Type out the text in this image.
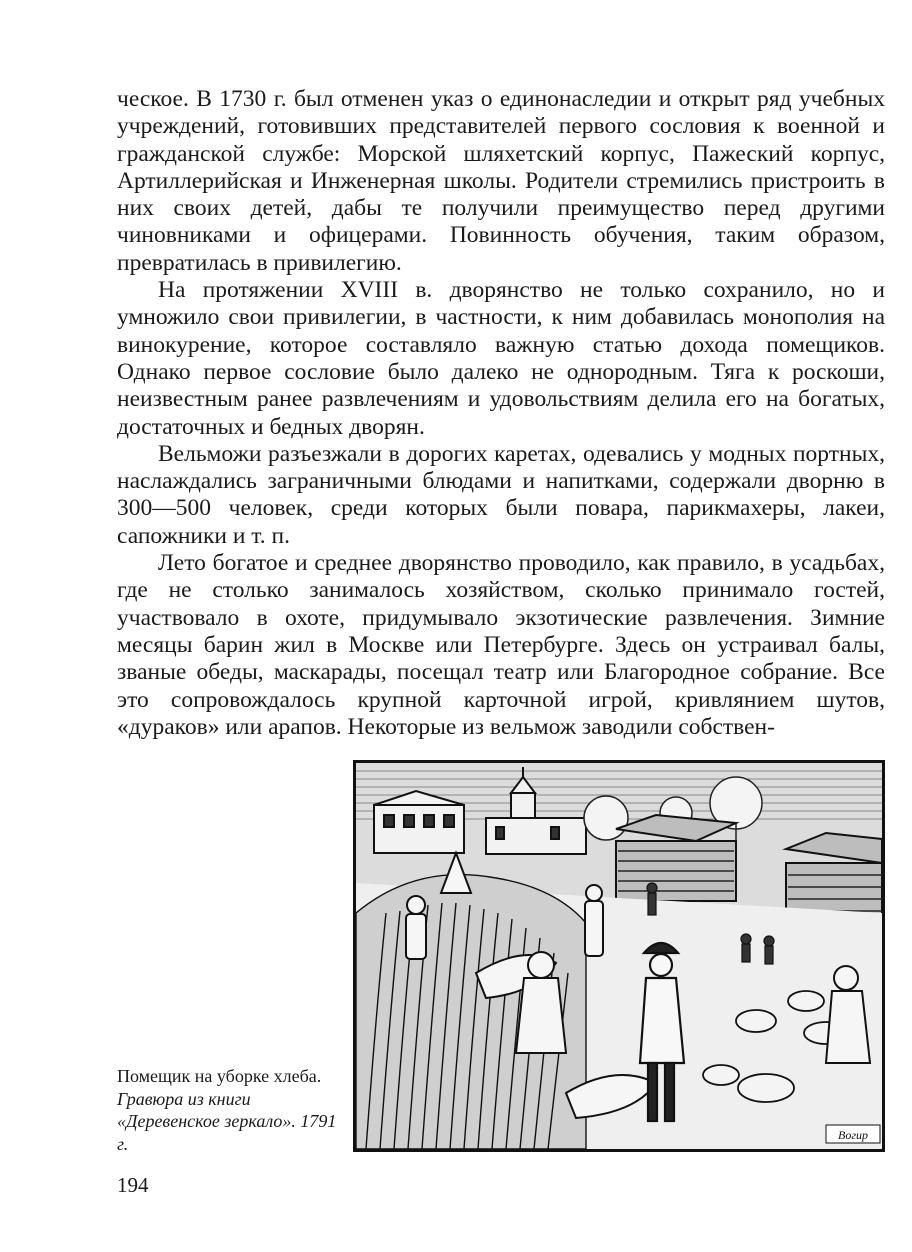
ческое. В 1730 г. был отменен указ о единонаследии и открыт ряд учебных учреждений, готовивших представителей первого сословия к военной и гражданской службе: Морской шляхетский корпус, Пажеский корпус, Артиллерийская и Инженерная школы. Родители стремились пристроить в них своих детей, дабы те получили преимущество перед другими чиновниками и офицерами. Повинность обучения, таким образом, превратилась в привилегию.

На протяжении XVIII в. дворянство не только сохранило, но и умножило свои привилегии, в частности, к ним добавилась монополия на винокурение, которое составляло важную статью дохода помещиков. Однако первое сословие было далеко не однородным. Тяга к роскоши, неизвестным ранее развлечениям и удовольствиям делила его на богатых, достаточных и бедных дворян.

Вельможи разъезжали в дорогих каретах, одевались у модных портных, наслаждались заграничными блюдами и напитками, содержали дворню в 300—500 человек, среди которых были повара, парикмахеры, лакеи, сапожники и т. п.

Лето богатое и среднее дворянство проводило, как правило, в усадьбах, где не столько занималось хозяйством, сколько принимало гостей, участвовало в охоте, придумывало экзотические развлечения. Зимние месяцы барин жил в Москве или Петербурге. Здесь он устраивал балы, званые обеды, маскарады, посещал театр или Благородное собрание. Все это сопровождалось крупной карточной игрой, кривлянием шутов, «дураков» или арапов. Некоторые из вельмож заводили собствен-

Вогир
Помещик на уборке хлеба. Гравюра из книги «Деревенское зеркало». 1791 г.
194
